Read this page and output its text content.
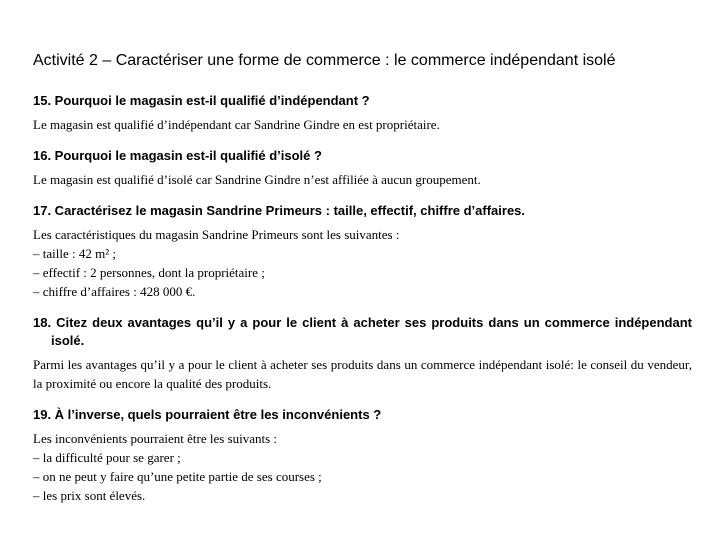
Activité 2 – Caractériser une forme de commerce : le commerce indépendant isolé

15. Pourquoi le magasin est-il qualifié d’indépendant ?

Le magasin est qualifié d’indépendant car Sandrine Gindre en est propriétaire.

16. Pourquoi le magasin est-il qualifié d’isolé ?

Le magasin est qualifié d’isolé car Sandrine Gindre n’est affiliée à aucun groupement.

17. Caractérisez le magasin Sandrine Primeurs : taille, effectif, chiffre d’affaires.

Les caractéristiques du magasin Sandrine Primeurs sont les suivantes :
– taille : 42 m² ;
– effectif : 2 personnes, dont la propriétaire ;
– chiffre d’affaires : 428 000 €.

18. Citez deux avantages qu’il y a pour le client à acheter ses produits dans un commerce indépendant isolé.

Parmi les avantages qu’il y a pour le client à acheter ses produits dans un commerce indépendant isolé: le conseil du vendeur, la proximité ou encore la qualité des produits.

19. À l’inverse, quels pourraient être les inconvénients ?

Les inconvénients pourraient être les suivants :
– la difficulté pour se garer ;
– on ne peut y faire qu’une petite partie de ses courses ;
– les prix sont élevés.
